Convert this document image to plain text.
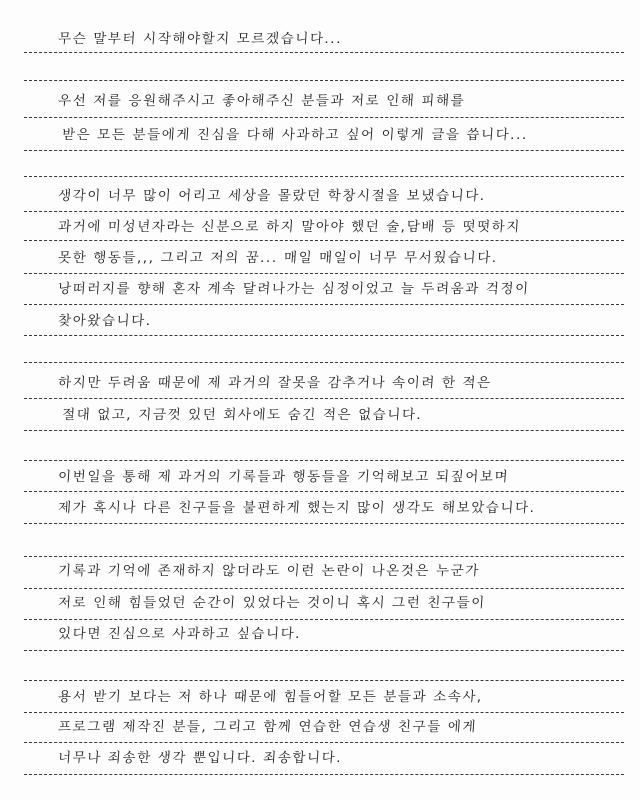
무슨 말부터 시작해야할지 모르겠습니다...
우선 저를 응원해주시고 좋아해주신 분들과 저로 인해 피해를
받은 모든 분들에게 진심을 다해 사과하고 싶어 이렇게 글을 씁니다...
생각이 너무 많이 어리고 세상을 몰랐던 학창시절을 보냈습니다.
과거에 미성년자라는 신분으로 하지 말아야 했던 술,담배 등 떳떳하지
못한 행동들,,, 그리고 저의 꿈... 매일 매일이 너무 무서웠습니다.
낭떠러지를 향해 혼자 계속 달려나가는 심정이었고 늘 두려움과 걱정이
찾아왔습니다.
하지만 두려움 때문에 제 과거의 잘못을 감추거나 속이려 한 적은
절대 없고, 지금껏 있던 회사에도 숨긴 적은 없습니다.
이번일을 통해 제 과거의 기록들과 행동들을 기억해보고 되짚어보며
제가 혹시나 다른 친구들을 불편하게 했는지 많이 생각도 해보았습니다.
기록과 기억에 존재하지 않더라도 이런 논란이 나온것은 누군가
저로 인해 힘들었던 순간이 있었다는 것이니 혹시 그런 친구들이
있다면 진심으로 사과하고 싶습니다.
용서 받기 보다는 저 하나 때문에 힘들어할 모든 분들과 소속사,
프로그램 제작진 분들, 그리고 함께 연습한 연습생 친구들 에게
너무나 죄송한 생각 뿐입니다. 죄송합니다.
